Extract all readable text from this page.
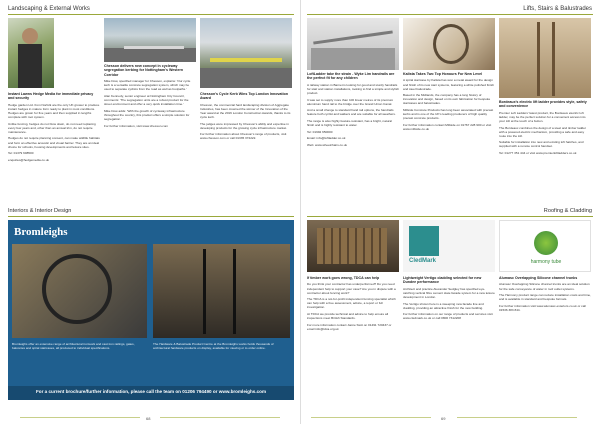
Landscaping & External Works
Instant Lawns Hedge Media for immediate privacy and security

Hedge garden Ltd. from Norfolk are the only UK grower to produce instant hedges in mature form ready to plant in most conditions. Hedges are grown for five years and then supplied in lengths complete with root system.

Unlike fencing, hedges do not blow down, do not need replacing every few years and, other than an annual trim, do not require maintenance.

Hedges do not require planning consent, can make wildlife habitats and form an effective acoustic and visual barrier. They are an ideal choice for schools, housing developments and leisure sites.

Tel: 01379 608500

enquiries@hedgemedia.co.uk

Chesson delivers new concept in cycleway segregation kerbing for Nottingham's Western Corridor

Mike Dow, specified manager for Chesson, explains: 'Our cycle kerb is a versatile concrete segregation system, which may be used to separate cyclists from the road as well as footpaths.'

Alan Kennedy, senior engineer at Nottingham City Council, comments: 'The segregation units are a robust product for the street environment and offer a very quick installation time.'

Mike Dow adds: 'With the growth of cycleway infrastructure throughout the country, this product offers a simple solution for segregation.'

For further information, visit www.chesson.com

Chesson's Cycle Kerb Wins Top London Innovation Award

Chesson, the commercial hard landscaping division of Aggregate Industries, has been crowned the winner of the Innovation of the Year award at the 2016 London Construction Awards, thanks to its cycle kerb.

The judges were impressed by Chesson's ability and expertise in developing products for the growing cycle infrastructure market.

For further information about Chesson's range of products, visit www.chesson.com or call 01335 372222.

Interiors & Interior Design
Bromleighs
Bromleighs offer an extensive range of architectural ironwork and cast iron railings, gates, balconies and spiral staircases, all produced to individual specifications.
The Hardware & Balustrade Product Centre at the Bromleighs works holds thousands of architectural hardware products on display, available for viewing or to order online.
For a current brochure/further information, please call the team on 01206 794490 or www.bromleighs.com
68
Lifts, Stairs & Balustrades
LoftLadder take the strain - Wyke Lim handrails are the perfect fit for any children

A railway station in Barnet is looking for good and sturdy handrails for stair and station installations, looking to find a simple and stylish product.

It was set to supply more than 100 linear metres of its premium aluminium hand rail to the bridge over the Grand Union Canal.

And a small change to standard hand rail options, the handrails feature both cyclist and walkers and are suitable for all weathers.

The range is also highly feature-resistant, has a bright, natural finish and is highly resistant to water.

Tel: 01992 650000

Email: info@loftladder.co.uk

Web: www.wheelchairs.co.uk

Kalista Takes Two Top Honours For New Level

A spiral staircase by Kalista has won a metal award for the design and finish of its new stair systems, featuring a white polished finish and steel balustrade.

Based in the Midlands, the company has a long history of innovation and design, based on its own fabrication for bespoke staircases and balustrades.

Millside Concrete Products has long been associated with precast kerbs and is one of the UK's leading producers of high quality precast concrete products.

For further information contact Millside on 01767 228 900 or visit www.millside.co.uk

Bordeaux's electric lift ladder provides style, safety and convenience

Premier Loft Ladders' latest product, the Bordeaux electric loft ladder, may be the perfect solution for a convenient access into your loft at the touch of a button.

The Bordeaux combines the design of a steel and timber ladder with a powered electric mechanism, providing a safe and easy route into the loft.

Suitable for installation into new and existing loft hatches, and supplied with a remote control handset.

Tel: 01277 351 444 or visit www.premierloftladders.co.uk

Roofing & Cladding
CledMark	harmony tube
If timber work goes wrong, TDCA can help

Do you think your contractor has underperformed? Do you need independent help to support your case? Are you in dispute with a contractor about fencing work?

The TDCA is a not-for-profit independent fencing specialist which can help with a free assessment, advice, a report or full investigation.

At TDCA we provide technical and advice to help ensure all inspections meet British Standards.

For more information contact Jamie Stott on 01491 720437 or email info@tdca.org.uk

Lightweight Vertigo cladding selected for new Dundee performance

Architect and practice Alexander Sedgley has specified eye-catching vertical fibre cement slate facade system for a new leisure development in London.

The Vertigo shown here is a sweeping new facade line and cladding, providing an attractive finish for the new building.

For further information on our range of products and services visit www.cledmark.co.uk or call 0800 7312208

Alumasc Overlapping Silicone channel trunks

Alumasc Overlapping Silicone channel trunks are an ideal solution for the safe conveyance of water in roof outlet systems.

The Harmony product range can reduce installation costs and time, and is available in standard and bespoke formats.

For further information visit www.alumasc-exteriors.co.uk or call 01536 383 844.

69
